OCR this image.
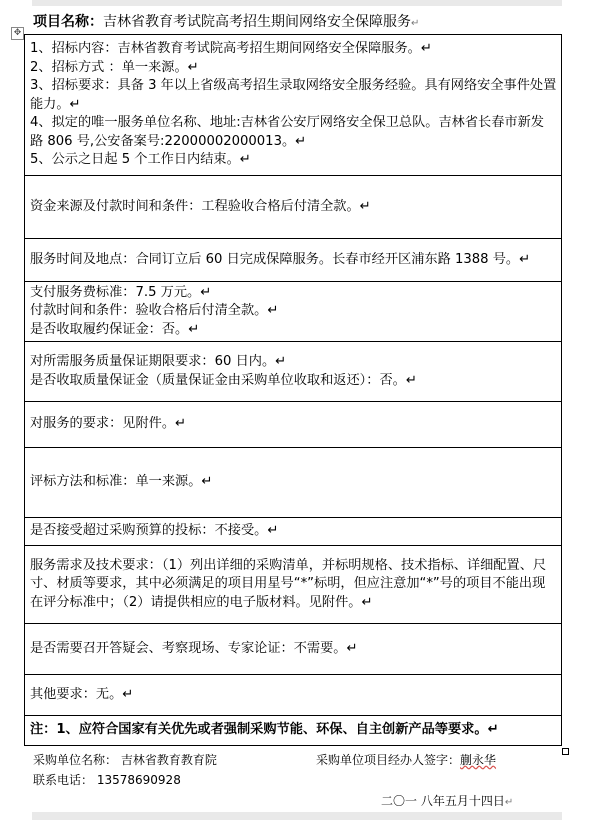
项目名称：吉林省教育考试院高考招生期间网络安全保障服务↵
✥
1、招标内容：吉林省教育考试院高考招生期间网络安全保障服务。↵
2、招标方式 ：单一来源。↵
3、招标要求：具备 3 年以上省级高考招生录取网络安全服务经验。具有网络安全事件处置能力。↵
4、拟定的唯一服务单位名称、地址:吉林省公安厅网络安全保卫总队。吉林省长春市新发路 806 号,公安备案号:22000002000013。↵
5、公示之日起 5 个工作日内结束。↵

资金来源及付款时间和条件：工程验收合格后付清全款。↵

服务时间及地点：合同订立后 60 日完成保障服务。长春市经开区浦东路 1388 号。↵

支付服务费标准：7.5 万元。↵
付款时间和条件：验收合格后付清全款。↵
是否收取履约保证金：否。↵

对所需服务质量保证期限要求：60 日内。↵
是否收取质量保证金（质量保证金由采购单位收取和返还）：否。↵

对服务的要求：见附件。↵

评标方法和标准：单一来源。↵

是否接受超过采购预算的投标：不接受。↵

服务需求及技术要求：（1）列出详细的采购清单，并标明规格、技术指标、详细配置、尺寸、材质等要求，其中必须满足的项目用星号“*”标明，但应注意加“*”号的项目不能出现在评分标准中；（2）请提供相应的电子版材料。见附件。↵

是否需要召开答疑会、考察现场、专家论证：不需要。↵

其他要求：无。↵

注：1、应符合国家有关优先或者强制采购节能、环保、自主创新产品等要求。↵
采购单位名称： 吉林省教育教育院	采购单位项目经办人签字：蒯永华
联系电话： 13578690928
二〇一 八年五月十四日↵
